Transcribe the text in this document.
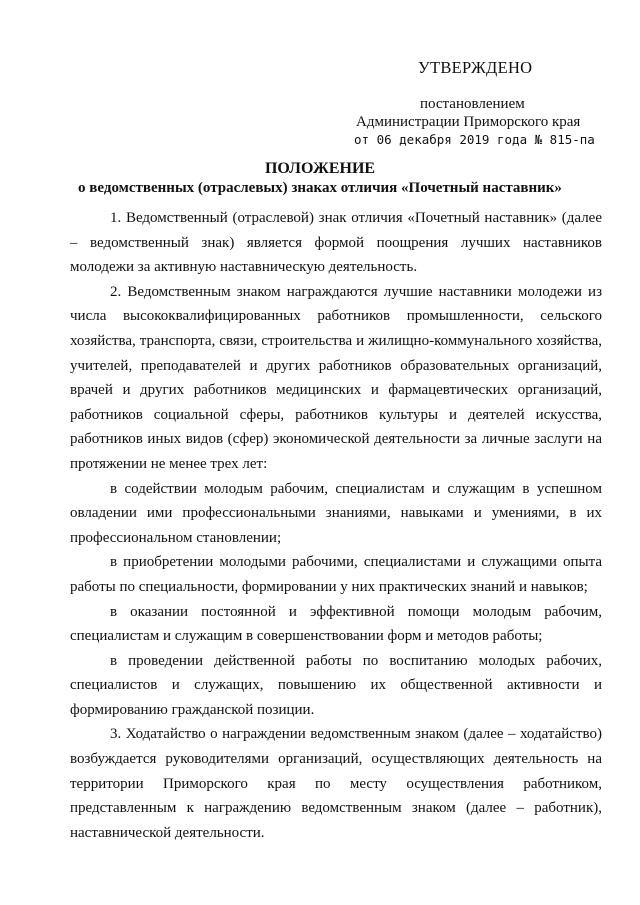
УТВЕРЖДЕНО
постановлением
Администрации Приморского края
от 06 декабря 2019 года № 815-па
ПОЛОЖЕНИЕ
о ведомственных (отраслевых) знаках отличия «Почетный наставник»

1. Ведомственный (отраслевой) знак отличия «Почетный наставник» (далее – ведомственный знак) является формой поощрения лучших наставников молодежи за активную наставническую деятельность.

2. Ведомственным знаком награждаются лучшие наставники молодежи из числа высококвалифицированных работников промышленности, сельского хозяйства, транспорта, связи, строительства и жилищно-коммунального хозяйства, учителей, преподавателей и других работников образовательных организаций, врачей и других работников медицинских и фармацевтических организаций, работников социальной сферы, работников культуры и деятелей искусства, работников иных видов (сфер) экономической деятельности за личные заслуги на протяжении не менее трех лет:

в содействии молодым рабочим, специалистам и служащим в успешном овладении ими профессиональными знаниями, навыками и умениями, в их профессиональном становлении;

в приобретении молодыми рабочими, специалистами и служащими опыта работы по специальности, формировании у них практических знаний и навыков;

в оказании постоянной и эффективной помощи молодым рабочим, специалистам и служащим в совершенствовании форм и методов работы;

в проведении действенной работы по воспитанию молодых рабочих, специалистов и служащих, повышению их общественной активности и формированию гражданской позиции.

3. Ходатайство о награждении ведомственным знаком (далее – ходатайство) возбуждается руководителями организаций, осуществляющих деятельность на территории Приморского края по месту осуществления работником, представленным к награждению ведомственным знаком (далее – работник), наставнической деятельности.
